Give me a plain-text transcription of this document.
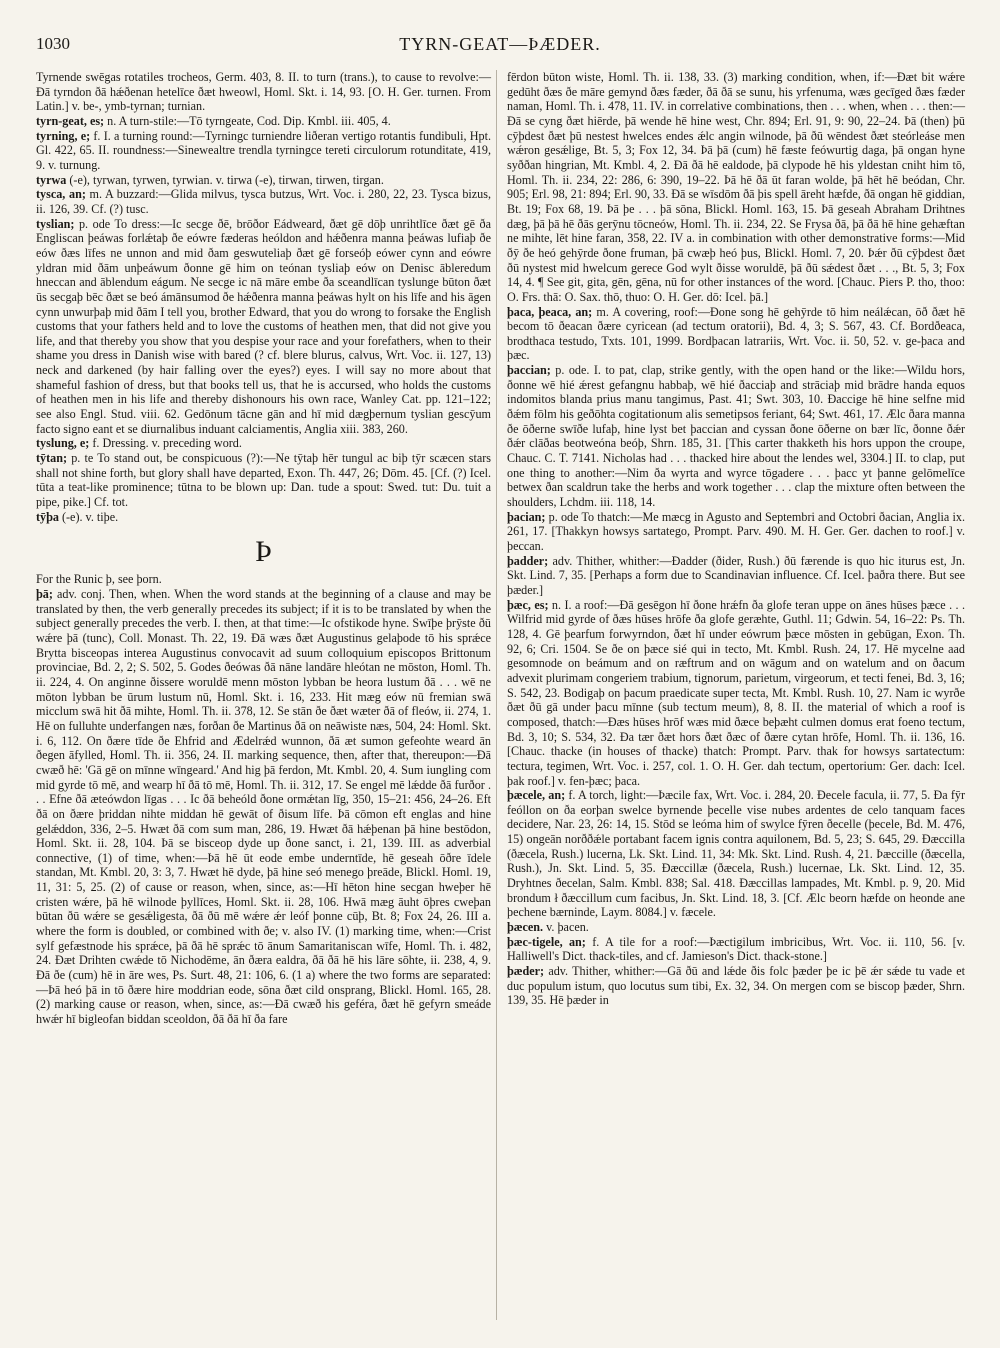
1030	TYRN-GEAT—ÞÆDER.

Tyrnende swēgas rotatiles trocheos, Germ. 403, 8. II. to turn (trans.), to cause to revolve:—Ðā tyrndon ðā hǽðenan hetelīce ðæt hweowl, Homl. Skt. i. 14, 93. [O. H. Ger. turnen. From Latin.] v. be-, ymb-tyrnan; turnian.

tyrn-geat, es; n. A turn-stile:—Tō tyrngeate, Cod. Dip. Kmbl. iii. 405, 4.

tyrning, e; f. I. a turning round:—Tyrningc turniendre liðeran vertigo rotantis fundibuli, Hpt. Gl. 422, 65. II. roundness:—Sinewealtre trendla tyrningce tereti circulorum rotunditate, 419, 9. v. turnung.

tyrwa (-e), tyrwan, tyrwen, tyrwian. v. tirwa (-e), tirwan, tirwen, tirgan.

tysca, an; m. A buzzard:—Glida milvus, tysca butzus, Wrt. Voc. i. 280, 22, 23. Tysca bizus, ii. 126, 39. Cf. (?) tusc.

tyslian; p. ode To dress:—Ic secge ðē, brōðor Eádweard, ðæt gē dōþ unrihtlīce ðæt gē ða Engliscan þeáwas forlǽtaþ ðe eówre fæderas heóldon and hǽðenra manna þeáwas lufiaþ ðe eów ðæs līfes ne unnon and mid ðam geswuteliaþ ðæt gē forseóþ eówer cynn and eówre yldran mid ðām unþeáwum ðonne gē him on teónan tysliaþ eów on Denisc ābleredum hneccan and āblendum eágum. Ne secge ic nā māre embe ða sceandlīcan tyslunge būton ðæt ūs secgaþ bēc ðæt se beó ámānsumod ðe hǽðenra manna þeáwas hylt on his līfe and his āgen cynn unwurþaþ mid ðām I tell you, brother Edward, that you do wrong to forsake the English customs that your fathers held and to love the customs of heathen men, that did not give you life, and that thereby you show that you despise your race and your forefathers, when to their shame you dress in Danish wise with bared (? cf. blere blurus, calvus, Wrt. Voc. ii. 127, 13) neck and darkened (by hair falling over the eyes?) eyes. I will say no more about that shameful fashion of dress, but that books tell us, that he is accursed, who holds the customs of heathen men in his life and thereby dishonours his own race, Wanley Cat. pp. 121–122; see also Engl. Stud. viii. 62. Gedōnum tācne gān and hī mid dægþernum tyslian gescȳum facto signo eant et se diurnalibus induant calciamentis, Anglia xiii. 383, 260.

tyslung, e; f. Dressing. v. preceding word.

tȳtan; p. te To stand out, be conspicuous (?):—Ne tȳtaþ hēr tungul ac biþ tȳr scæcen stars shall not shine forth, but glory shall have departed, Exon. Th. 447, 26; Dōm. 45. [Cf. (?) Icel. tūta a teat-like prominence; tūtna to be blown up: Dan. tude a spout: Swed. tut: Du. tuit a pipe, pike.] Cf. tot.

tȳþa (-e). v. tiþe.

Þ

For the Runic þ, see þorn.

þā; adv. conj. Then, when. When the word stands at the beginning of a clause and may be translated by then, the verb generally precedes its subject; if it is to be translated by when the subject generally precedes the verb. I. then, at that time:—Ic ofstikode hyne. Swīþe þrȳste ðū wǽre þā (tunc), Coll. Monast. Th. 22, 19. Ðā wæs ðæt Augustinus gelaþode tō his sprǽce Brytta bisceopas interea Augustinus convocavit ad suum colloquium episcopos Brittonum provinciae, Bd. 2, 2; S. 502, 5. Godes ðeówas ðā nāne landāre hleótan ne mōston, Homl. Th. ii. 224, 4. On anginne ðissere woruldē menn mōston lybban be heora lustum ðā . . . wē ne mōton lybban be ūrum lustum nū, Homl. Skt. i. 16, 233. Hit mæg eów nū fremian swā micclum swā hit ðā mihte, Homl. Th. ii. 378, 12. Se stān ðe ðæt wæter ðā of fleów, ii. 274, 1. Hē on fulluhte underfangen næs, forðan ðe Martinus ðā on neāwiste næs, 504, 24: Homl. Skt. i. 6, 112. On ðære tīde ðe Ehfrid and Ædelrǽd wunnon, ðā æt sumon gefeohte weard ān ðegen āfylled, Homl. Th. ii. 356, 24. II. marking sequence, then, after that, thereupon:—Ðā cwæð hē: 'Gā gē on mīnne wīngeard.' And hig þā ferdon, Mt. Kmbl. 20, 4. Sum iungling com mid gyrde tō mē, and wearp hī ðā tō mē, Homl. Th. ii. 312, 17. Se engel mē lǽdde ðā furðor . . . Efne ðā æteówdon līgas . . . Ic ðā beheóld ðone ormǽtan līg, 350, 15–21: 456, 24–26. Eft ðā on ðære þriddan nihte middan hē gewāt of ðisum līfe. Þā cōmon eft englas and hine gelǽddon, 336, 2–5. Hwæt ðā com sum man, 286, 19. Hwæt ðā hǽþenan þā hine bestōdon, Homl. Skt. ii. 28, 104. Þā se bisceop dyde up ðone sanct, i. 21, 139. III. as adverbial connective, (1) of time, when:—Þā hē ūt eode embe underntīde, hē geseah ōðre īdele standan, Mt. Kmbl. 20, 3: 3, 7. Hwæt hē dyde, þā hine seó menego þreāde, Blickl. Homl. 19, 11, 31: 5, 25. (2) of cause or reason, when, since, as:—Hī hēton hine secgan hweþer hē cristen wǽre, þā hē wilnode þyllīces, Homl. Skt. ii. 28, 106. Hwā mæg āuht ōþres cweþan būtan ðū wǽre se gesǽligesta, ðā ðū mē wǽre ǽr leóf þonne cūþ, Bt. 8; Fox 24, 26. III a. where the form is doubled, or combined with ðe; v. also IV. (1) marking time, when:—Crist sylf gefæstnode his sprǽce, þā ðā hē sprǽc tō ānum Samaritaniscan wīfe, Homl. Th. i. 482, 24. Ðæt Drihten cwǽde tō Nichodēme, ān ðæra ealdra, ðā ðā hē his lāre sōhte, ii. 238, 4, 9. Ðā ðe (cum) hē in āre wes, Ps. Surt. 48, 21: 106, 6. (1 a) where the two forms are separated:—Þā heó þā in tō ðære hire moddrian eode, sōna ðæt cild onsprang, Blickl. Homl. 165, 28. (2) marking cause or reason, when, since, as:—Ðā cwæð his geféra, ðæt hē gefyrn smeáde hwǽr hī bigleofan biddan sceoldon, ðā ðā hī ða fare

fērdon būton wiste, Homl. Th. ii. 138, 33. (3) marking condition, when, if:—Ðæt bit wǽre gedūht ðæs ðe māre gemynd ðæs fæder, ðā ðā se sunu, his yrfenuma, wæs gecīged ðæs fæder naman, Homl. Th. i. 478, 11. IV. in correlative combinations, then . . . when, when . . . then:—Ðā se cyng ðæt hiērde, þā wende hē hine west, Chr. 894; Erl. 91, 9: 90, 22–24. Þā (then) þū cȳþdest ðæt þū nestest hwelces endes ǽlc angin wilnode, þā ðū wēndest ðæt steórleáse men wǽron gesǽlige, Bt. 5, 3; Fox 12, 34. Þā þā (cum) hē fæste feówurtig daga, þā ongan hyne syððan hingrian, Mt. Kmbl. 4, 2. Ðā ðā hē ealdode, þā clypode hē his yldestan cniht him tō, Homl. Th. ii. 234, 22: 286, 6: 390, 19–22. Þā hē ðā ūt faran wolde, þā hēt hē beódan, Chr. 905; Erl. 98, 21: 894; Erl. 90, 33. Ðā se wīsdōm ðā þis spell āreht hæfde, ðā ongan hē giddian, Bt. 19; Fox 68, 19. Þā þe . . . þā sōna, Blickl. Homl. 163, 15. Þā geseah Abraham Drihtnes dæg, þā þā hē ðās gerȳnu tōcneów, Homl. Th. ii. 234, 22. Se Frysa ðā, þā ðā hē hine gehæftan ne mihte, lēt hine faran, 358, 22. IV a. in combination with other demonstrative forms:—Mid ðȳ ðe heó gehȳrde ðone fruman, þā cwæþ heó þus, Blickl. Homl. 7, 20. Þǽr ðū cȳþdest ðæt ðū nystest mid hwelcum gerece God wylt ðisse woruldē, þā ðū sǽdest ðæt . . ., Bt. 5, 3; Fox 14, 4. ¶ See git, gita, gēn, gēna, nū for other instances of the word. [Chauc. Piers P. tho, thoo: O. Frs. thā: O. Sax. thō, thuo: O. H. Ger. dō: Icel. þā.]

þaca, þeaca, an; m. A covering, roof:—Ðone song hē gehȳrde tō him neálǽcan, ōð ðæt hē becom tō ðeacan ðære cyricean (ad tectum oratorii), Bd. 4, 3; S. 567, 43. Cf. Bordðeaca, brodthaca testudo, Txts. 101, 1999. Bordþacan latrariis, Wrt. Voc. ii. 50, 52. v. ge-þaca and þæc.

þaccian; p. ode. I. to pat, clap, strike gently, with the open hand or the like:—Wildu hors, ðonne wē hié ǽrest gefangnu habbaþ, wē hié ðacciaþ and strāciaþ mid brādre handa equos indomitos blanda prius manu tangimus, Past. 41; Swt. 303, 10. Ðaccige hē hine selfne mid ðǽm fōlm his geðōhta cogitationum alis semetipsos feriant, 64; Swt. 461, 17. Ælc ðara manna ðe ōðerne swīðe lufaþ, hine lyst bet þaccian and cyssan ðone ōðerne on bær līc, ðonne ðǽr ðǽr clāðas beotweóna beóþ, Shrn. 185, 31. [This carter thakketh his hors uppon the croupe, Chauc. C. T. 7141. Nicholas had . . . thacked hire about the lendes wel, 3304.] II. to clap, put one thing to another:—Nim ða wyrta and wyrce tōgadere . . . þacc yt þanne gelōmelīce betwex ðan scaldrun take the herbs and work together . . . clap the mixture often between the shoulders, Lchdm. iii. 118, 14.

þacian; p. ode To thatch:—Me mæcg in Agusto and Septembri and Octobri ðacian, Anglia ix. 261, 17. [Thakkyn howsys sartatego, Prompt. Parv. 490. M. H. Ger. Ger. dachen to roof.] v. þeccan.

þadder; adv. Thither, whither:—Ðadder (ðider, Rush.) ðū færende is quo hic iturus est, Jn. Skt. Lind. 7, 35. [Perhaps a form due to Scandinavian influence. Cf. Icel. þaðra there. But see þæder.]

þæc, es; n. I. a roof:—Ðā gesēgon hī ðone hrǽfn ða glofe teran uppe on ānes hūses þæce . . . Wilfrid mid gyrde of ðæs hūses hrōfe ða glofe geræhte, Guthl. 11; Gdwin. 54, 16–22: Ps. Th. 128, 4. Gē þearfum forwyrndon, ðæt hī under eówrum þæce mōsten in gebūgan, Exon. Th. 92, 6; Cri. 1504. Se ðe on þæce sié qui in tecto, Mt. Kmbl. Rush. 24, 17. Hē mycelne aad gesomnode on beámum and on ræftrum and on wāgum and on watelum and on ðacum advexit plurimam congeriem trabium, tignorum, parietum, virgeorum, et tecti fenei, Bd. 3, 16; S. 542, 23. Bodigaþ on þacum praedicate super tecta, Mt. Kmbl. Rush. 10, 27. Nam ic wyrðe ðæt ðū gā under þacu mīnne (sub tectum meum), 8, 8. II. the material of which a roof is composed, thatch:—Ðæs hūses hrōf wæs mid ðæce beþæht culmen domus erat foeno tectum, Bd. 3, 10; S. 534, 32. Ða tær ðæt hors ðæt ðæc of ðære cytan hrōfe, Homl. Th. ii. 136, 16. [Chauc. thacke (in houses of thacke) thatch: Prompt. Parv. thak for howsys sartatectum: tectura, tegimen, Wrt. Voc. i. 257, col. 1. O. H. Ger. dah tectum, opertorium: Ger. dach: Icel. þak roof.] v. fen-þæc; þaca.

þæcele, an; f. A torch, light:—Þæcile fax, Wrt. Voc. i. 284, 20. Ðecele facula, ii. 77, 5. Ða fȳr feóllon on ða eorþan swelce byrnende þecelle vise nubes ardentes de celo tanquam faces decidere, Nar. 23, 26: 14, 15. Stōd se leóma him of swylce fȳren ðecelle (þecele, Bd. M. 476, 15) ongeān norððǽle portabant facem ignis contra aquilonem, Bd. 5, 23; S. 645, 29. Ðæccilla (ðæcela, Rush.) lucerna, Lk. Skt. Lind. 11, 34: Mk. Skt. Lind. Rush. 4, 21. Þæccille (ðæcella, Rush.), Jn. Skt. Lind. 5, 35. Ðæccillæ (ðæcela, Rush.) lucernae, Lk. Skt. Lind. 12, 35. Dryhtnes ðecelan, Salm. Kmbl. 838; Sal. 418. Ðæccillas lampades, Mt. Kmbl. p. 9, 20. Mid brondum ł ðæccillum cum facibus, Jn. Skt. Lind. 18, 3. [Cf. Ælc beorn hæfde on heonde ane þechene bærninde, Laym. 8084.] v. fæcele.

þæcen. v. þacen.

þæc-tigele, an; f. A tile for a roof:—Þæctigilum imbricibus, Wrt. Voc. ii. 110, 56. [v. Halliwell's Dict. thack-tiles, and cf. Jamieson's Dict. thack-stone.]

þæder; adv. Thither, whither:—Gā ðū and lǽde ðis folc þæder þe ic þē ǽr sǽde tu vade et duc populum istum, quo locutus sum tibi, Ex. 32, 34. On mergen com se biscop þæder, Shrn. 139, 35. Hē þæder in
